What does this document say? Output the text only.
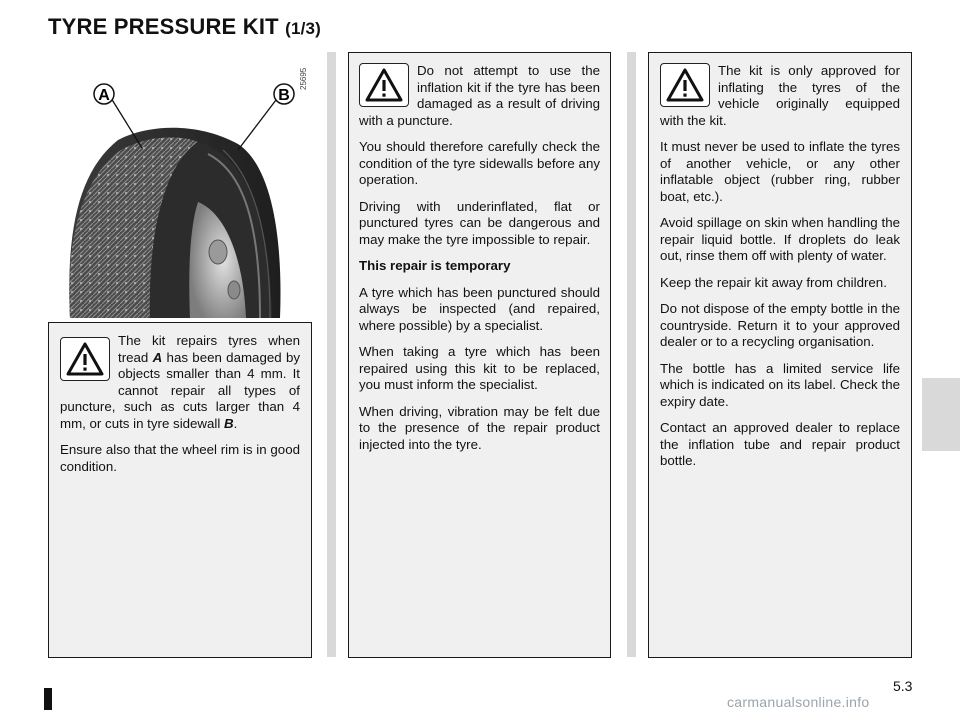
TYRE PRESSURE KIT (1/3)
A	B
25695

The kit repairs tyres when tread A has been damaged by objects smaller than 4 mm. It cannot repair all types of puncture, such as cuts larger than 4 mm, or cuts in tyre sidewall B.

Ensure also that the wheel rim is in good condition.

Do not attempt to use the inflation kit if the tyre has been damaged as a result of driving with a puncture.

You should therefore carefully check the condition of the tyre sidewalls before any operation.

Driving with underinflated, flat or punctured tyres can be dangerous and may make the tyre impossible to repair.

This repair is temporary

A tyre which has been punctured should always be inspected (and repaired, where possible) by a specialist.

When taking a tyre which has been repaired using this kit to be replaced, you must inform the specialist.

When driving, vibration may be felt due to the presence of the repair product injected into the tyre.

The kit is only approved for inflating the tyres of the vehicle originally equipped with the kit.

It must never be used to inflate the tyres of another vehicle, or any other inflatable object (rubber ring, rubber boat, etc.).

Avoid spillage on skin when handling the repair liquid bottle. If droplets do leak out, rinse them off with plenty of water.

Keep the repair kit away from children.

Do not dispose of the empty bottle in the countryside. Return it to your approved dealer or to a recycling organisation.

The bottle has a limited service life which is indicated on its label. Check the expiry date.

Contact an approved dealer to replace the inflation tube and repair product bottle.

5.3
carmanualsonline.info
